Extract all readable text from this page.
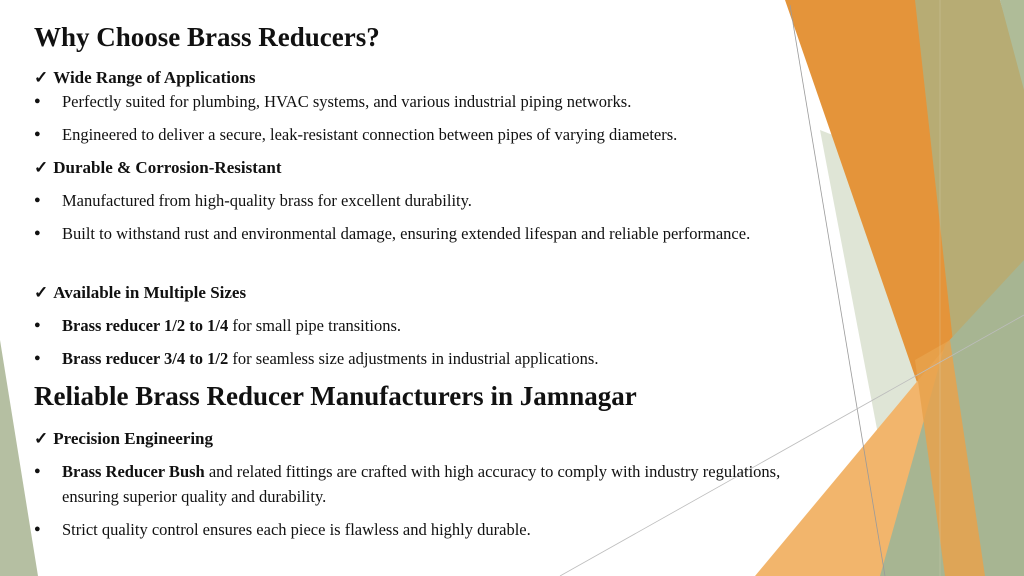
Why Choose Brass Reducers?
✓ Wide Range of Applications
● Perfectly suited for plumbing, HVAC systems, and various industrial piping networks.
● Engineered to deliver a secure, leak-resistant connection between pipes of varying diameters.
✓ Durable & Corrosion-Resistant
● Manufactured from high-quality brass for excellent durability.
● Built to withstand rust and environmental damage, ensuring extended lifespan and reliable performance.
✓ Available in Multiple Sizes
● Brass reducer 1/2 to 1/4 for small pipe transitions.
● Brass reducer 3/4 to 1/2 for seamless size adjustments in industrial applications.
Reliable Brass Reducer Manufacturers in Jamnagar
✓ Precision Engineering
● Brass Reducer Bush and related fittings are crafted with high accuracy to comply with industry regulations, ensuring superior quality and durability.
● Strict quality control ensures each piece is flawless and highly durable.
